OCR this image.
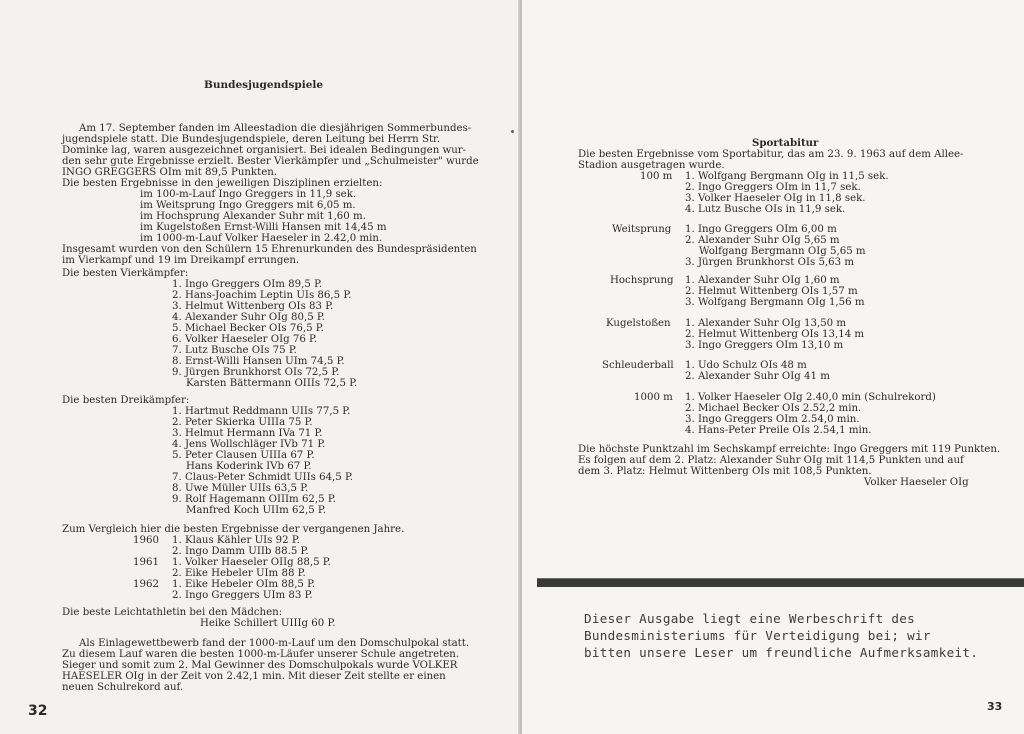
Bundesjugendspiele
Am 17. September fanden im Alleestadion die diesjährigen Sommerbundes-
jugendspiele statt. Die Bundesjugendspiele, deren Leitung bei Herrn Str.
Dominke lag, waren ausgezeichnet organisiert. Bei idealen Bedingungen wur-
den sehr gute Ergebnisse erzielt. Bester Vierkämpfer und „Schulmeister" wurde
INGO GREGGERS OIm mit 89,5 Punkten.
Die besten Ergebnisse in den jeweiligen Disziplinen erzielten:
im 100-m-Lauf Ingo Greggers in 11,9 sek.
im Weitsprung Ingo Greggers mit 6,05 m.
im Hochsprung Alexander Suhr mit 1,60 m.
im Kugelstoßen Ernst-Willi Hansen mit 14,45 m
im 1000-m-Lauf Volker Haeseler in 2.42,0 min.
Insgesamt wurden von den Schülern 15 Ehrenurkunden des Bundespräsidenten
im Vierkampf und 19 im Dreikampf errungen.
Die besten Vierkämpfer:
1. Ingo Greggers OIm 89,5 P.
2. Hans-Joachim Leptin UIs 86,5 P.
3. Helmut Wittenberg OIs 83 P.
4. Alexander Suhr OIg 80,5 P.
5. Michael Becker OIs 76,5 P.
6. Volker Haeseler OIg 76 P.
7. Lutz Busche OIs 75 P.
8. Ernst-Willi Hansen UIm 74,5 P.
9. Jürgen Brunkhorst OIs 72,5 P.
Karsten Bättermann OIIIs 72,5 P.
Die besten Dreikämpfer:
1. Hartmut Reddmann UIIs 77,5 P.
2. Peter Skierka UIIIa 75 P.
3. Helmut Hermann IVa 71 P.
4. Jens Wollschläger IVb 71 P.
5. Peter Clausen UIIIa 67 P.
Hans Koderink IVb 67 P.
7. Claus-Peter Schmidt UIIs 64,5 P.
8. Uwe Müller UIIs 63,5 P.
9. Rolf Hagemann OIIIm 62,5 P.
Manfred Koch UIIm 62,5 P.
Zum Vergleich hier die besten Ergebnisse der vergangenen Jahre.
1960 1. Klaus Kähler UIs 92 P.
2. Ingo Damm UIIb 88.5 P.
1961 1. Volker Haeseler OIIg 88,5 P.
2. Eike Hebeler UIm 88 P.
1962 1. Eike Hebeler OIm 88,5 P.
2. Ingo Greggers UIm 83 P.
Die beste Leichtathletin bei den Mädchen:
Heike Schillert UIIIg 60 P.
Als Einlagewettbewerb fand der 1000-m-Lauf um den Domschulpokal statt.
Zu diesem Lauf waren die besten 1000-m-Läufer unserer Schule angetreten.
Sieger und somit zum 2. Mal Gewinner des Domschulpokals wurde VOLKER
HAESELER OIg in der Zeit von 2.42,1 min. Mit dieser Zeit stellte er einen
neuen Schulrekord auf.
32
Sportabitur
Die besten Ergebnisse vom Sportabitur, das am 23. 9. 1963 auf dem Allee-
Stadion ausgetragen wurde.
100 m 1. Wolfgang Bergmann OIg in 11,5 sek.
2. Ingo Greggers OIm in 11,7 sek.
3. Volker Haeseler OIg in 11,8 sek.
4. Lutz Busche OIs in 11,9 sek.
Weitsprung 1. Ingo Greggers OIm 6,00 m
2. Alexander Suhr OIg 5,65 m
Wolfgang Bergmann OIg 5,65 m
3. Jürgen Brunkhorst OIs 5,63 m
Hochsprung 1. Alexander Suhr OIg 1,60 m
2. Helmut Wittenberg OIs 1,57 m
3. Wolfgang Bergmann OIg 1,56 m
Kugelstoßen 1. Alexander Suhr OIg 13,50 m
2. Helmut Wittenberg OIs 13,14 m
3. Ingo Greggers OIm 13,10 m
Schleuderball 1. Udo Schulz OIs 48 m
2. Alexander Suhr OIg 41 m
1000 m 1. Volker Haeseler OIg 2.40,0 min (Schulrekord)
2. Michael Becker OIs 2.52,2 min.
3. Ingo Greggers OIm 2.54,0 min.
4. Hans-Peter Preile OIs 2.54,1 min.
Die höchste Punktzahl im Sechskampf erreichte: Ingo Greggers mit 119 Punkten.
Es folgen auf dem 2. Platz: Alexander Suhr OIg mit 114,5 Punkten und auf
dem 3. Platz: Helmut Wittenberg OIs mit 108,5 Punkten.
Volker Haeseler OIg
Dieser Ausgabe liegt eine Werbeschrift des
Bundesministeriums für Verteidigung bei; wir
bitten unsere Leser um freundliche Aufmerksamkeit.
33
